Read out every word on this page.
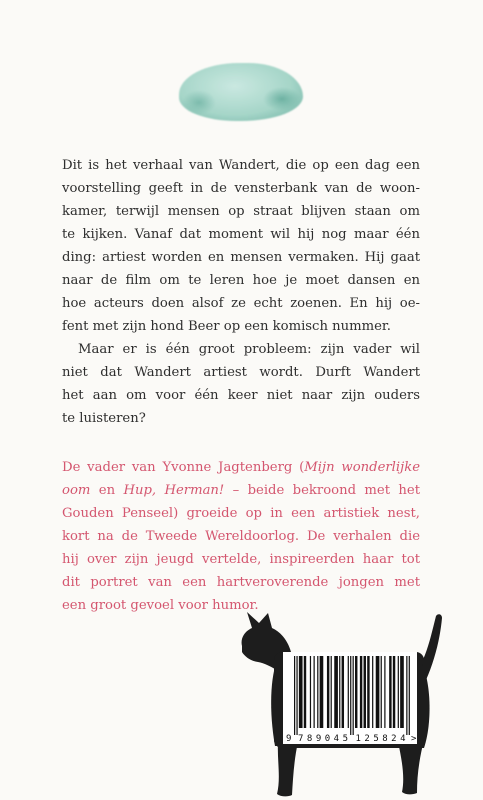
Dit is het verhaal van Wandert, die op een dag een
voorstelling geeft in de vensterbank van de woon-
kamer, terwijl mensen op straat blijven staan om
te kijken. Vanaf dat moment wil hij nog maar één
ding: artiest worden en mensen vermaken. Hij gaat
naar de film om te leren hoe je moet dansen en
hoe acteurs doen alsof ze echt zoenen. En hij oe-
fent met zijn hond Beer op een komisch nummer.
Maar er is één groot probleem: zijn vader wil
niet dat Wandert artiest wordt. Durft Wandert
het aan om voor één keer niet naar zijn ouders
te luisteren?
De vader van Yvonne Jagtenberg (Mijn wonderlijke
oom en Hup, Herman! – beide bekroond met het
Gouden Penseel) groeide op in een artistiek nest,
kort na de Tweede Wereldoorlog. De verhalen die
hij over zijn jeugd vertelde, inspireerden haar tot
dit portret van een hartveroverende jongen met
een groot gevoel voor humor.
9 789045 125824 >
